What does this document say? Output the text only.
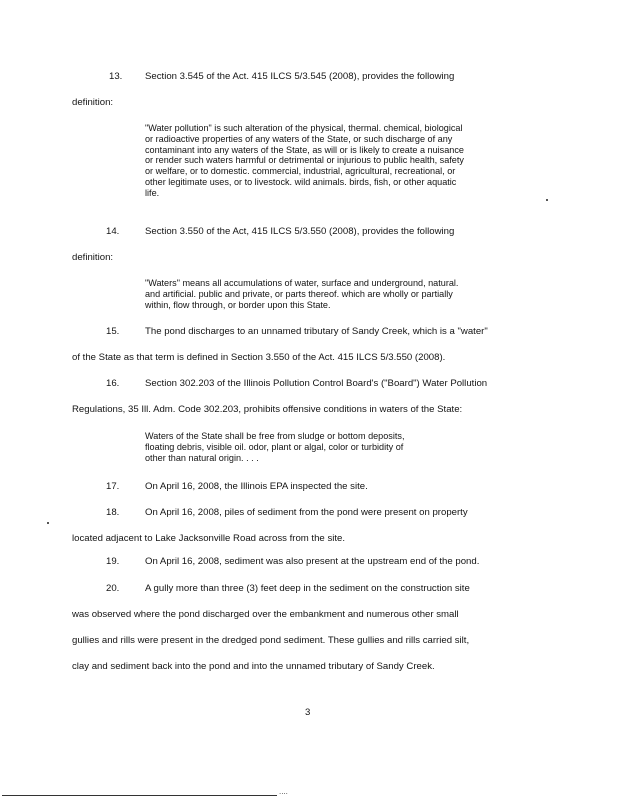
13. Section 3.545 of the Act. 415 ILCS 5/3.545 (2008), provides the following
definition:
"Water pollution" is such alteration of the physical, thermal. chemical, biological
or radioactive properties of any waters of the State, or such discharge of any
contaminant into any waters of the State, as will or is likely to create a nuisance
or render such waters harmful or detrimental or injurious to public health, safety
or welfare, or to domestic. commercial, industrial, agricultural, recreational, or
other legitimate uses, or to livestock. wild animals. birds, fish, or other aquatic
life.
14.	Section 3.550 of the Act, 415 ILCS 5/3.550 (2008), provides the following
definition:
"Waters" means all accumulations of water, surface and underground, natural.
and artificial. public and private, or parts thereof. which are wholly or partially
within, flow through, or border upon this State.
15.	The pond discharges to an unnamed tributary of Sandy Creek, which is a "water"
of the State as that term is defined in Section 3.550 of the Act. 415 ILCS 5/3.550 (2008).
16.	Section 302.203 of the Illinois Pollution Control Board's ("Board") Water Pollution
Regulations, 35 Ill. Adm. Code 302.203, prohibits offensive conditions in waters of the State:
Waters of the State shall be free from sludge or bottom deposits,
floating debris, visible oil. odor, plant or algal, color or turbidity of
other than natural origin. . . .
17.	On April 16, 2008, the Illinois EPA inspected the site.
18.	On April 16, 2008, piles of sediment from the pond were present on property
located adjacent to Lake Jacksonville Road across from the site.
19.	On April 16, 2008, sediment was also present at the upstream end of the pond.
20.	A gully more than three (3) feet deep in the sediment on the construction site
was observed where the pond discharged over the embankment and numerous other small
gullies and rills were present in the dredged pond sediment. These gullies and rills carried silt,
clay and sediment back into the pond and into the unnamed tributary of Sandy Creek.
3
....
